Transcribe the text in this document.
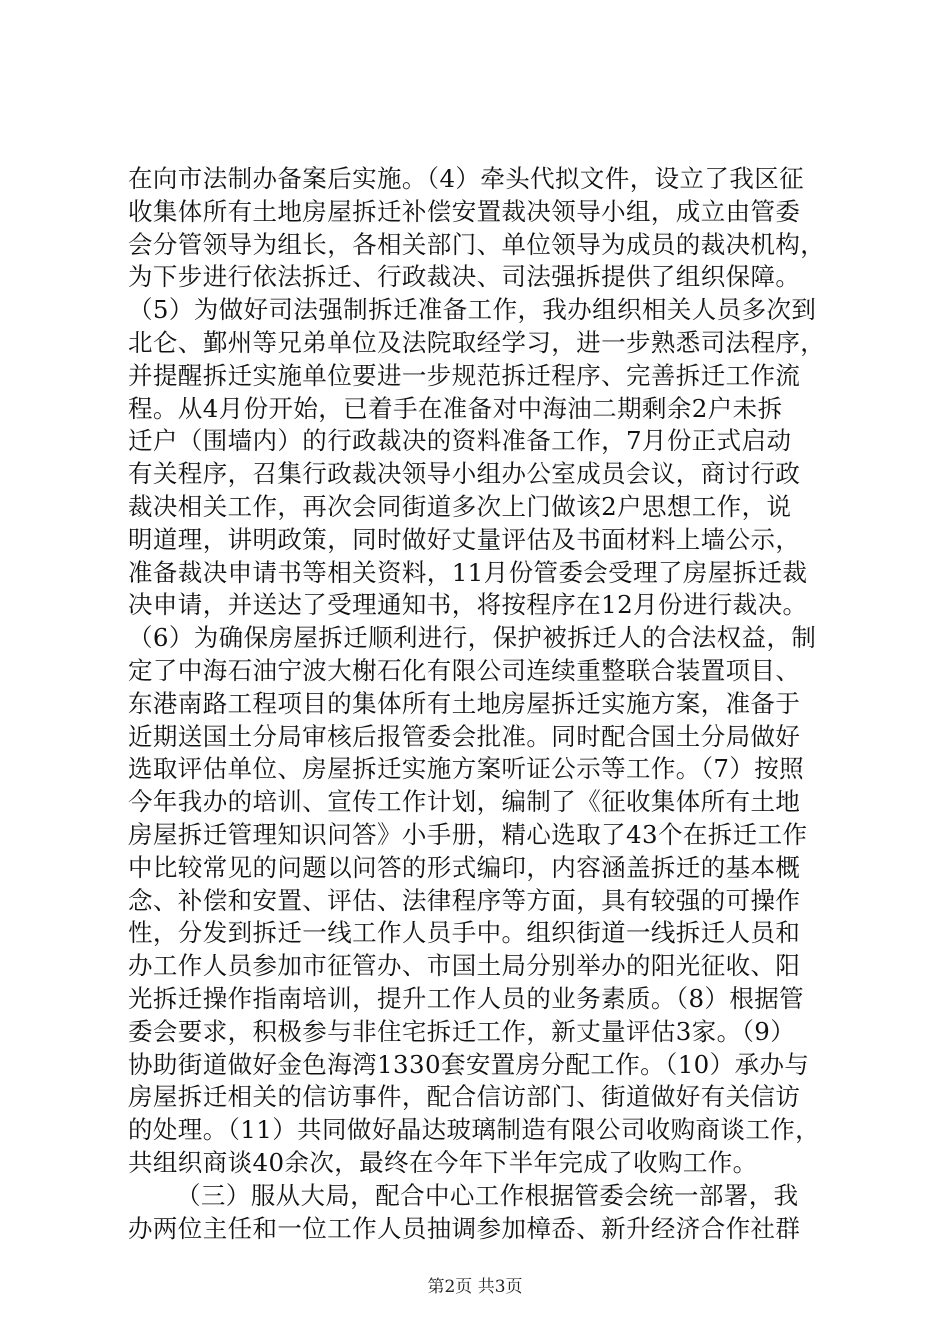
在向市法制办备案后实施。（4）牵头代拟文件，设立了我区征
收集体所有土地房屋拆迁补偿安置裁决领导小组，成立由管委
会分管领导为组长，各相关部门、单位领导为成员的裁决机构，
为下步进行依法拆迁、行政裁决、司法强拆提供了组织保障。
（5）为做好司法强制拆迁准备工作，我办组织相关人员多次到
北仑、鄞州等兄弟单位及法院取经学习，进一步熟悉司法程序，
并提醒拆迁实施单位要进一步规范拆迁程序、完善拆迁工作流
程。从4月份开始，已着手在准备对中海油二期剩余2户未拆
迁户（围墙内）的行政裁决的资料准备工作，7月份正式启动
有关程序，召集行政裁决领导小组办公室成员会议，商讨行政
裁决相关工作，再次会同街道多次上门做该2户思想工作，说
明道理，讲明政策，同时做好丈量评估及书面材料上墙公示，
准备裁决申请书等相关资料，11月份管委会受理了房屋拆迁裁
决申请，并送达了受理通知书，将按程序在12月份进行裁决。
（6）为确保房屋拆迁顺利进行，保护被拆迁人的合法权益，制
定了中海石油宁波大榭石化有限公司连续重整联合装置项目、
东港南路工程项目的集体所有土地房屋拆迁实施方案，准备于
近期送国土分局审核后报管委会批准。同时配合国土分局做好
选取评估单位、房屋拆迁实施方案听证公示等工作。（7）按照
今年我办的培训、宣传工作计划，编制了《征收集体所有土地
房屋拆迁管理知识问答》小手册，精心选取了43个在拆迁工作
中比较常见的问题以问答的形式编印，内容涵盖拆迁的基本概
念、补偿和安置、评估、法律程序等方面，具有较强的可操作
性，分发到拆迁一线工作人员手中。组织街道一线拆迁人员和
办工作人员参加市征管办、市国土局分别举办的阳光征收、阳
光拆迁操作指南培训，提升工作人员的业务素质。（8）根据管
委会要求，积极参与非住宅拆迁工作，新丈量评估3家。（9）
协助街道做好金色海湾1330套安置房分配工作。（10）承办与
房屋拆迁相关的信访事件，配合信访部门、街道做好有关信访
的处理。（11）共同做好晶达玻璃制造有限公司收购商谈工作，
共组织商谈40余次，最终在今年下半年完成了收购工作。
（三）服从大局，配合中心工作根据管委会统一部署，我
办两位主任和一位工作人员抽调参加樟岙、新升经济合作社群
第2页 共3页
